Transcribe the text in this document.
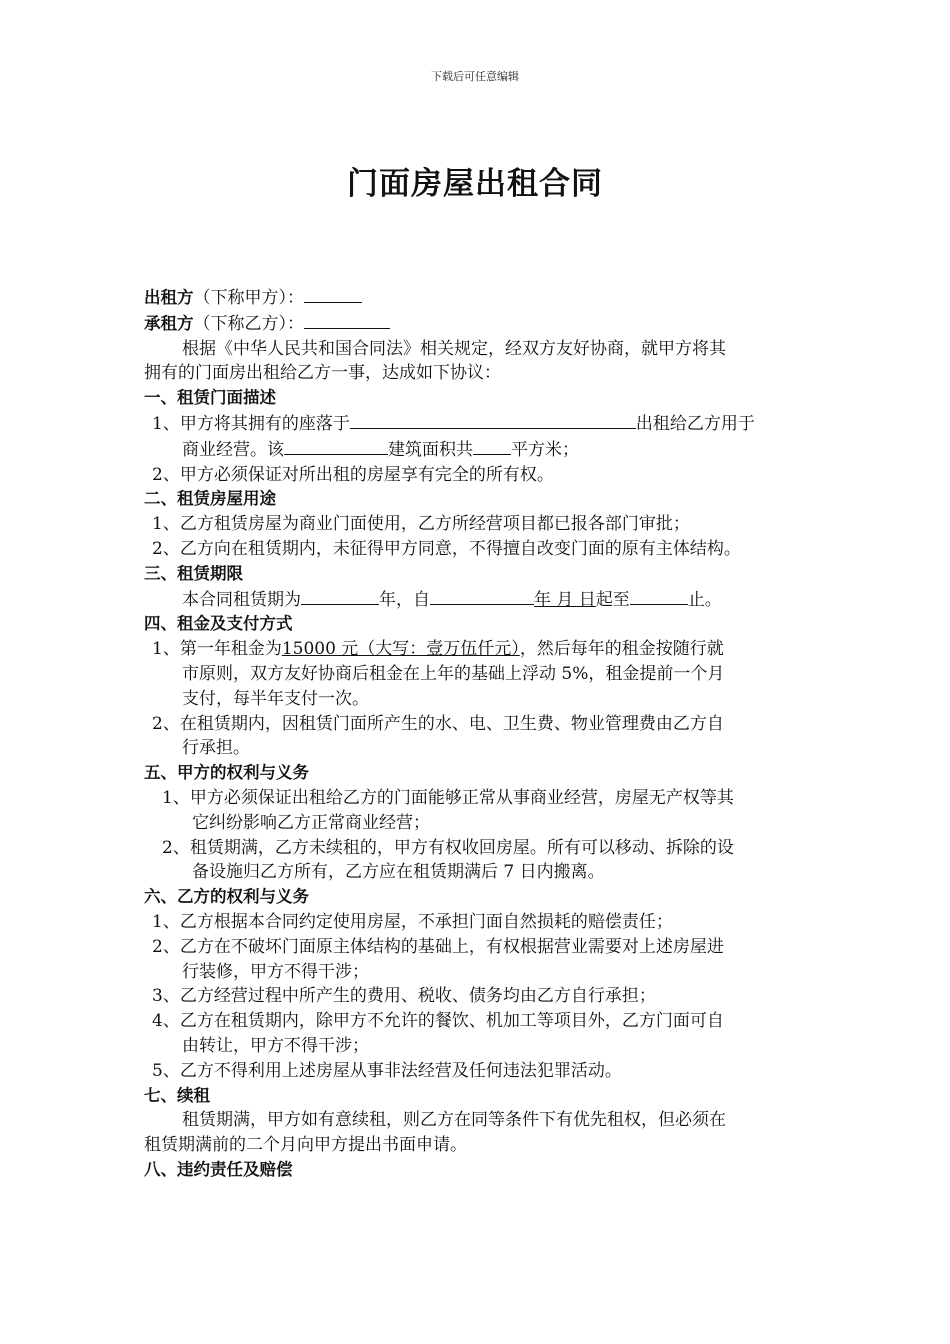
下载后可任意编辑
门面房屋出租合同
出租方（下称甲方）：
承租方（下称乙方）：
根据《中华人民共和国合同法》相关规定，经双方友好协商，就甲方将其
拥有的门面房出租给乙方一事，达成如下协议：
一、租赁门面描述
1、甲方将其拥有的座落于	出租给乙方用于
商业经营。该	建筑面积共 平方米；
2、甲方必须保证对所出租的房屋享有完全的所有权。
二、租赁房屋用途
1、乙方租赁房屋为商业门面使用，乙方所经营项目都已报各部门审批；
2、乙方向在租赁期内，未征得甲方同意，不得擅自改变门面的原有主体结构。
三、租赁期限
本合同租赁期为	年，自	年 月 日起至	止。
四、租金及支付方式
1、第一年租金为15000 元（大写：壹万伍仟元），然后每年的租金按随行就
市原则，双方友好协商后租金在上年的基础上浮动 5%，租金提前一个月
支付，每半年支付一次。
2、在租赁期内，因租赁门面所产生的水、电、卫生费、物业管理费由乙方自
行承担。
五、甲方的权利与义务
1、甲方必须保证出租给乙方的门面能够正常从事商业经营，房屋无产权等其
它纠纷影响乙方正常商业经营；
2、租赁期满，乙方未续租的，甲方有权收回房屋。所有可以移动、拆除的设
备设施归乙方所有，乙方应在租赁期满后 7 日内搬离。
六、乙方的权利与义务
1、乙方根据本合同约定使用房屋，不承担门面自然损耗的赔偿责任；
2、乙方在不破坏门面原主体结构的基础上，有权根据营业需要对上述房屋进
行装修，甲方不得干涉；
3、乙方经营过程中所产生的费用、税收、债务均由乙方自行承担；
4、乙方在租赁期内，除甲方不允许的餐饮、机加工等项目外，乙方门面可自
由转让，甲方不得干涉；
5、乙方不得利用上述房屋从事非法经营及任何违法犯罪活动。
七、续租
租赁期满，甲方如有意续租，则乙方在同等条件下有优先租权，但必须在
租赁期满前的二个月向甲方提出书面申请。
八、违约责任及赔偿
